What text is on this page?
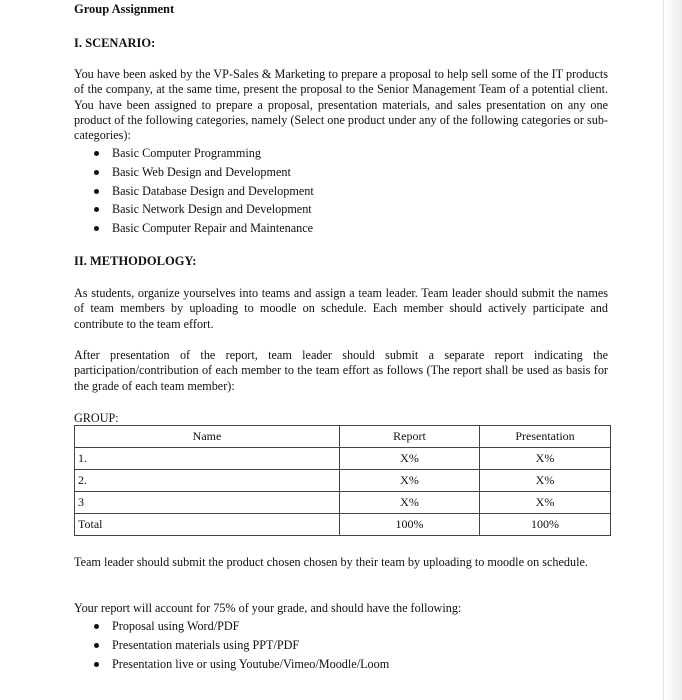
Group Assignment
I. SCENARIO:

You have been asked by the VP-Sales & Marketing to prepare a proposal to help sell some of the IT products of the company, at the same time, present the proposal to the Senior Management Team of a potential client. You have been assigned to prepare a proposal, presentation materials, and sales presentation on any one product of the following categories, namely (Select one product under any of the following categories or sub-categories):

Basic Computer Programming
Basic Web Design and Development
Basic Database Design and Development
Basic Network Design and Development
Basic Computer Repair and Maintenance
II. METHODOLOGY:

As students, organize yourselves into teams and assign a team leader. Team leader should submit the names of team members by uploading to moodle on schedule. Each member should actively participate and contribute to the team effort.

After presentation of the report, team leader should submit a separate report indicating the participation/contribution of each member to the team effort as follows (The report shall be used as basis for the grade of each team member):

GROUP:
Name	Report	Presentation
1.	X%	X%
2.	X%	X%
3	X%	X%
Total	100%	100%

Team leader should submit the product chosen chosen by their team by uploading to moodle on schedule.

Your report will account for 75% of your grade, and should have the following:

Proposal using Word/PDF
Presentation materials using PPT/PDF
Presentation live or using Youtube/Vimeo/Moodle/Loom
